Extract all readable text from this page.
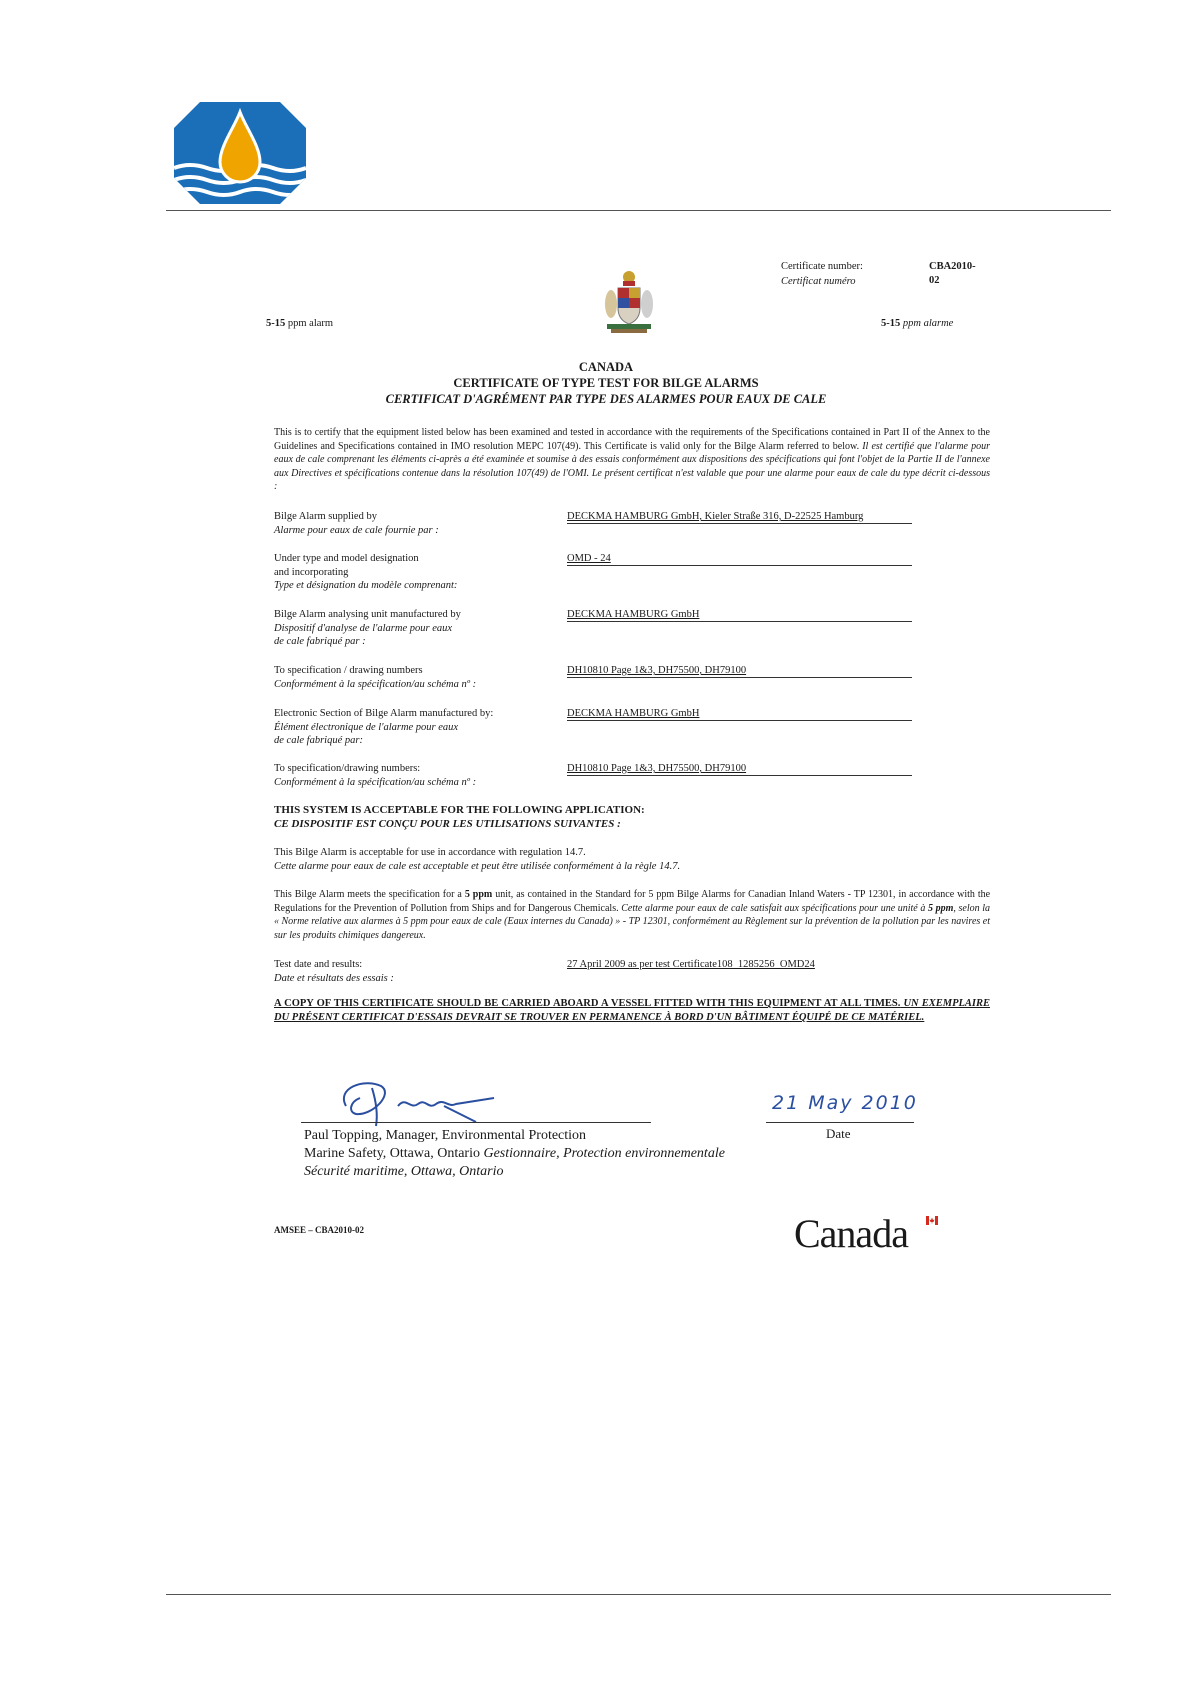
Certificate number:
Certificat numéro
CBA2010-02
5-15 ppm alarm	5-15 ppm alarme
CANADA
CERTIFICATE OF TYPE TEST FOR BILGE ALARMS
CERTIFICAT D'AGRÉMENT PAR TYPE DES ALARMES POUR EAUX DE CALE
This is to certify that the equipment listed below has been examined and tested in accordance with the requirements of the Specifications contained in Part II of the Annex to the Guidelines and Specifications contained in IMO resolution MEPC 107(49). This Certificate is valid only for the Bilge Alarm referred to below. Il est certifié que l'alarme pour eaux de cale comprenant les éléments ci-après a été examinée et soumise à des essais conformément aux dispositions des spécifications qui font l'objet de la Partie II de l'annexe aux Directives et spécifications contenue dans la résolution 107(49) de l'OMI. Le présent certificat n'est valable que pour une alarme pour eaux de cale du type décrit ci-dessous :
Bilge Alarm supplied by
Alarme pour eaux de cale fournie par :
DECKMA HAMBURG GmbH, Kieler Straße 316, D-22525 Hamburg
Under type and model designation
and incorporating
Type et désignation du modèle comprenant:
OMD - 24
Bilge Alarm analysing unit manufactured by
Dispositif d'analyse de l'alarme pour eaux
de cale fabriqué par :
DECKMA HAMBURG GmbH
To specification / drawing numbers
Conformément à la spécification/au schéma nº :
DH10810 Page 1&3, DH75500, DH79100
Electronic Section of Bilge Alarm manufactured by:
Élément électronique de l'alarme pour eaux
de cale fabriqué par:
DECKMA HAMBURG GmbH
To specification/drawing numbers:
Conformément à la spécification/au schéma nº :
DH10810 Page 1&3, DH75500, DH79100
THIS SYSTEM IS ACCEPTABLE FOR THE FOLLOWING APPLICATION:
CE DISPOSITIF EST CONÇU POUR LES UTILISATIONS SUIVANTES :
This Bilge Alarm is acceptable for use in accordance with regulation 14.7.
Cette alarme pour eaux de cale est acceptable et peut être utilisée conformément à la règle 14.7.
This Bilge Alarm meets the specification for a 5 ppm unit, as contained in the Standard for 5 ppm Bilge Alarms for Canadian Inland Waters - TP 12301, in accordance with the Regulations for the Prevention of Pollution from Ships and for Dangerous Chemicals. Cette alarme pour eaux de cale satisfait aux spécifications pour une unité à 5 ppm, selon la « Norme relative aux alarmes à 5 ppm pour eaux de cale (Eaux internes du Canada) » - TP 12301, conformément au Règlement sur la prévention de la pollution par les navires et sur les produits chimiques dangereux.
Test date and results:
Date et résultats des essais :
27 April 2009 as per test Certificate108_1285256_OMD24
A COPY OF THIS CERTIFICATE SHOULD BE CARRIED ABOARD A VESSEL FITTED WITH THIS EQUIPMENT AT ALL TIMES. UN EXEMPLAIRE DU PRÉSENT CERTIFICAT D'ESSAIS DEVRAIT SE TROUVER EN PERMANENCE À BORD D'UN BÂTIMENT ÉQUIPÉ DE CE MATÉRIEL.
21 May 2010
Date
Paul Topping, Manager, Environmental Protection
Marine Safety, Ottawa, Ontario Gestionnaire, Protection environnementale
Sécurité maritime, Ottawa, Ontario
AMSEE – CBA2010-02	Canada
